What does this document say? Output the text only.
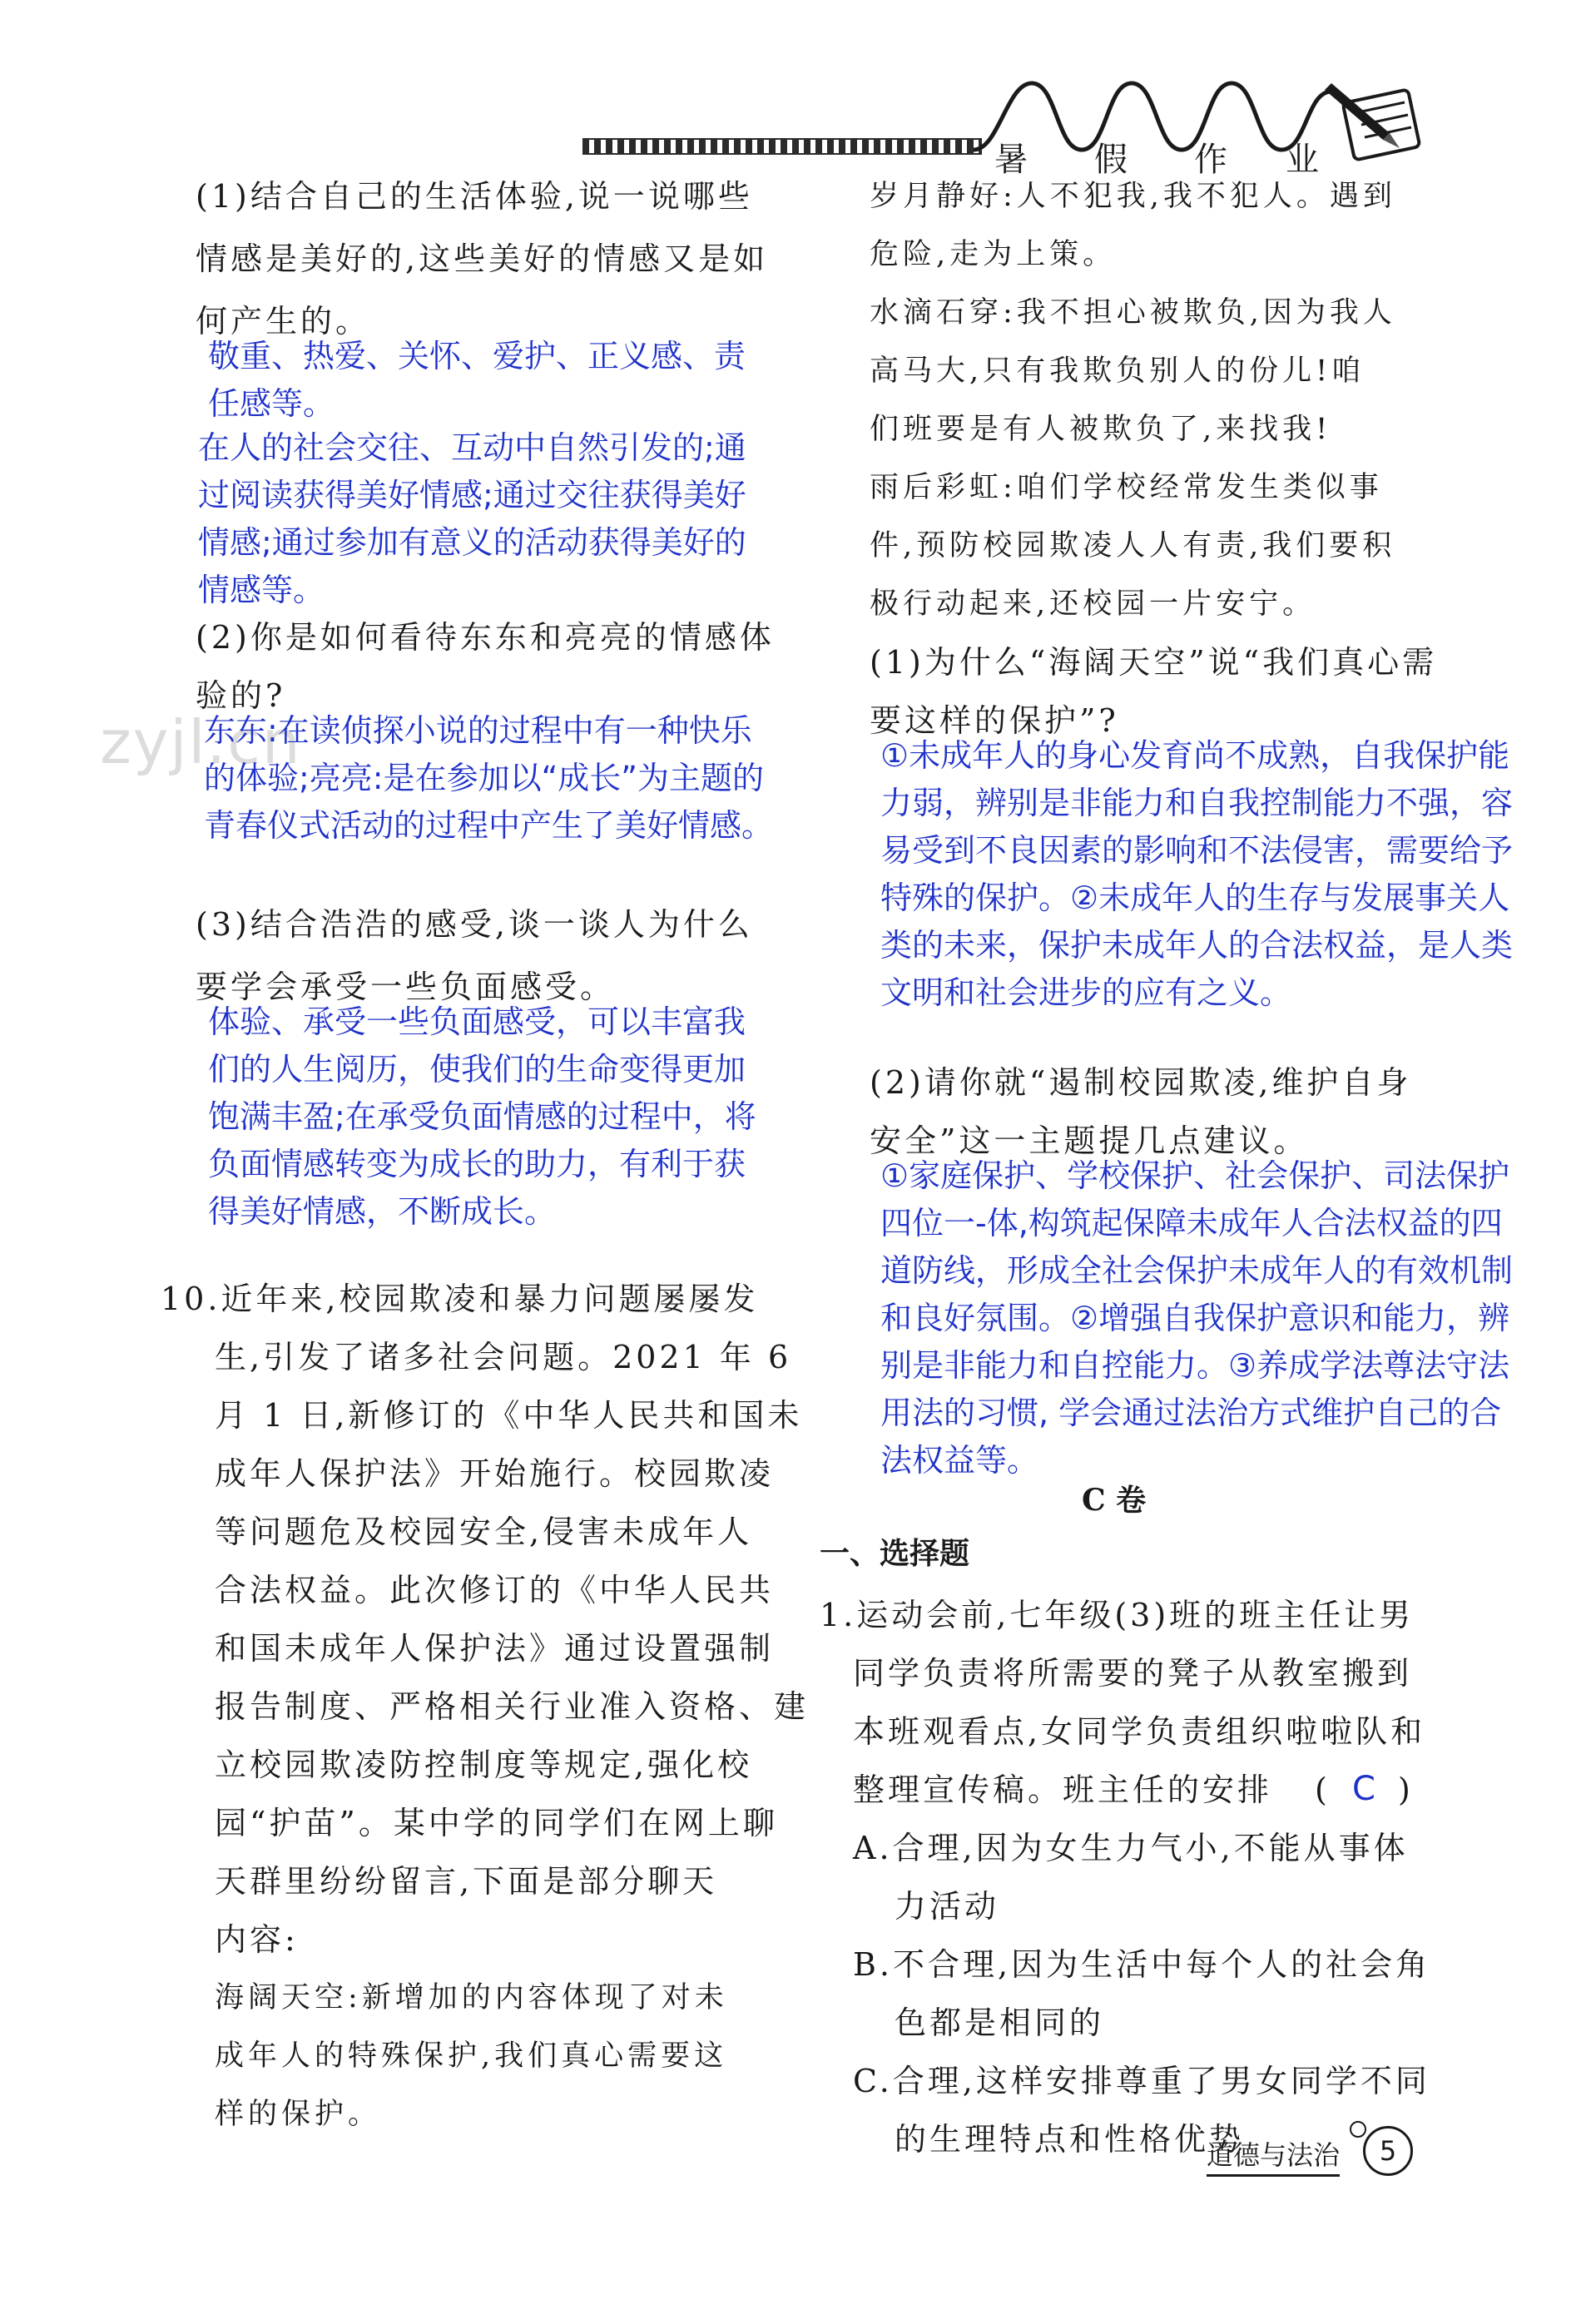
暑 假 作 业
zyjl.cn
(1)结合自己的生活体验,说一说哪些
情感是美好的,这些美好的情感又是如
何产生的。
敬重、热爱、关怀、爱护、正义感、责
任感等。
在人的社会交往、互动中自然引发的;通
过阅读获得美好情感;通过交往获得美好
情感;通过参加有意义的活动获得美好的
情感等。
(2)你是如何看待东东和亮亮的情感体
验的?
东东:在读侦探小说的过程中有一种快乐
的体验;亮亮:是在参加以“成长”为主题的
青春仪式活动的过程中产生了美好情感。
(3)结合浩浩的感受,谈一谈人为什么
要学会承受一些负面感受。
体验、承受一些负面感受，可以丰富我
们的人生阅历，使我们的生命变得更加
饱满丰盈;在承受负面情感的过程中，将
负面情感转变为成长的助力，有利于获
得美好情感，不断成长。
10.近年来,校园欺凌和暴力问题屡屡发
生,引发了诸多社会问题。2021 年 6
月 1 日,新修订的《中华人民共和国未
成年人保护法》开始施行。校园欺凌
等问题危及校园安全,侵害未成年人
合法权益。此次修订的《中华人民共
和国未成年人保护法》通过设置强制
报告制度、严格相关行业准入资格、建
立校园欺凌防控制度等规定,强化校
园“护苗”。某中学的同学们在网上聊
天群里纷纷留言,下面是部分聊天
内容:
海阔天空:新增加的内容体现了对未
成年人的特殊保护,我们真心需要这
样的保护。
岁月静好:人不犯我,我不犯人。遇到
危险,走为上策。
水滴石穿:我不担心被欺负,因为我人
高马大,只有我欺负别人的份儿!咱
们班要是有人被欺负了,来找我!
雨后彩虹:咱们学校经常发生类似事
件,预防校园欺凌人人有责,我们要积
极行动起来,还校园一片安宁。
(1)为什么“海阔天空”说“我们真心需
要这样的保护”?
①未成年人的身心发育尚不成熟，自我保护能
力弱，辨别是非能力和自我控制能力不强，容
易受到不良因素的影响和不法侵害，需要给予
特殊的保护。②未成年人的生存与发展事关人
类的未来，保护未成年人的合法权益，是人类
文明和社会进步的应有之义。
(2)请你就“遏制校园欺凌,维护自身
安全”这一主题提几点建议。
①家庭保护、学校保护、社会保护、司法保护
四位一-体,构筑起保障未成年人合法权益的四
道防线，形成全社会保护未成年人的有效机制
和良好氛围。②增强自我保护意识和能力，辨
别是非能力和自控能力。③养成学法尊法守法
用法的习惯, 学会通过法治方式维护自己的合
法权益等。
C 卷
一、选择题
1.运动会前,七年级(3)班的班主任让男
同学负责将所需要的凳子从教室搬到
本班观看点,女同学负责组织啦啦队和
整理宣传稿。班主任的安排 ( C )
A.合理,因为女生力气小,不能从事体
力活动
B.不合理,因为生活中每个人的社会角
色都是相同的
C.合理,这样安排尊重了男女同学不同
的生理特点和性格优势
道德与法治	5
